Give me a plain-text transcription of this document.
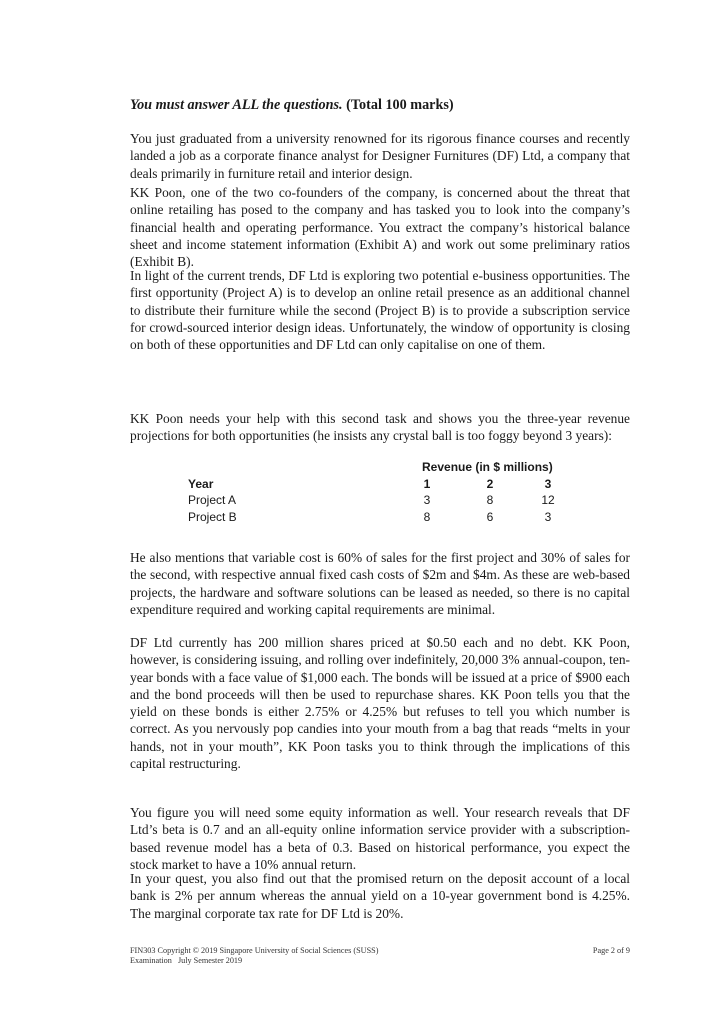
You must answer ALL the questions. (Total 100 marks)

You just graduated from a university renowned for its rigorous finance courses and recently landed a job as a corporate finance analyst for Designer Furnitures (DF) Ltd, a company that deals primarily in furniture retail and interior design.

KK Poon, one of the two co-founders of the company, is concerned about the threat that online retailing has posed to the company and has tasked you to look into the company’s financial health and operating performance. You extract the company’s historical balance sheet and income statement information (Exhibit A) and work out some preliminary ratios (Exhibit B).

In light of the current trends, DF Ltd is exploring two potential e-business opportunities. The first opportunity (Project A) is to develop an online retail presence as an additional channel to distribute their furniture while the second (Project B) is to provide a subscription service for crowd-sourced interior design ideas. Unfortunately, the window of opportunity is closing on both of these opportunities and DF Ltd can only capitalise on one of them.

KK Poon needs your help with this second task and shows you the three-year revenue projections for both opportunities (he insists any crystal ball is too foggy beyond 3 years):

Revenue (in $ millions)
Year	1	2	3
Project A	3	8	12
Project B	8	6	3

He also mentions that variable cost is 60% of sales for the first project and 30% of sales for the second, with respective annual fixed cash costs of $2m and $4m. As these are web-based projects, the hardware and software solutions can be leased as needed, so there is no capital expenditure required and working capital requirements are minimal.

DF Ltd currently has 200 million shares priced at $0.50 each and no debt. KK Poon, however, is considering issuing, and rolling over indefinitely, 20,000 3% annual-coupon, ten-year bonds with a face value of $1,000 each. The bonds will be issued at a price of $900 each and the bond proceeds will then be used to repurchase shares. KK Poon tells you that the yield on these bonds is either 2.75% or 4.25% but refuses to tell you which number is correct. As you nervously pop candies into your mouth from a bag that reads “melts in your hands, not in your mouth”, KK Poon tasks you to think through the implications of this capital restructuring.

You figure you will need some equity information as well. Your research reveals that DF Ltd’s beta is 0.7 and an all-equity online information service provider with a subscription-based revenue model has a beta of 0.3. Based on historical performance, you expect the stock market to have a 10% annual return.

In your quest, you also find out that the promised return on the deposit account of a local bank is 2% per annum whereas the annual yield on a 10-year government bond is 4.25%. The marginal corporate tax rate for DF Ltd is 20%.

FIN303 Copyright © 2019 Singapore University of Social Sciences (SUSS)
Examination   July Semester 2019
Page 2 of 9
